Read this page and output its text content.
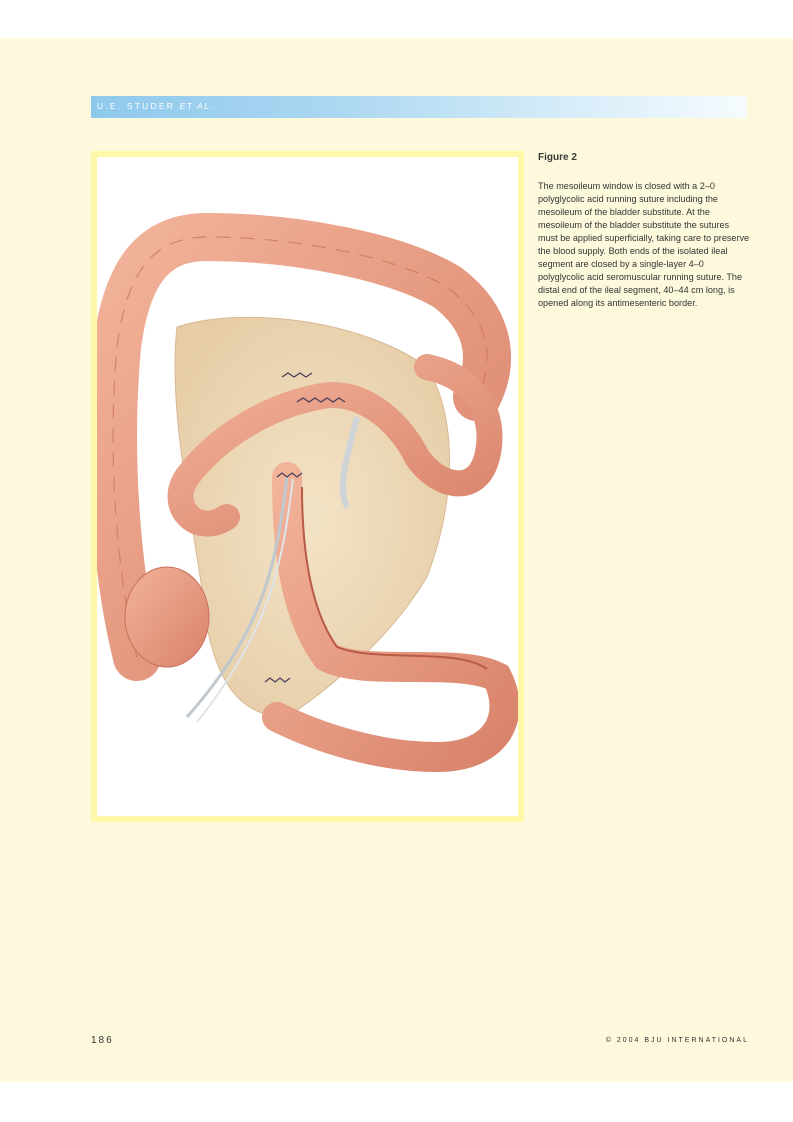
U.E. STUDER ET AL.
Figure 2
The mesoileum window is closed with a 2–0 polyglycolic acid running suture including the mesoileum of the bladder substitute. At the mesoileum of the bladder substitute the sutures must be applied superficially, taking care to preserve the blood supply. Both ends of the isolated ileal segment are closed by a single-layer 4–0 polyglycolic acid seromuscular running suture. The distal end of the ileal segment, 40–44 cm long, is opened along its antimesenteric border.
186	© 2004 BJU INTERNATIONAL
